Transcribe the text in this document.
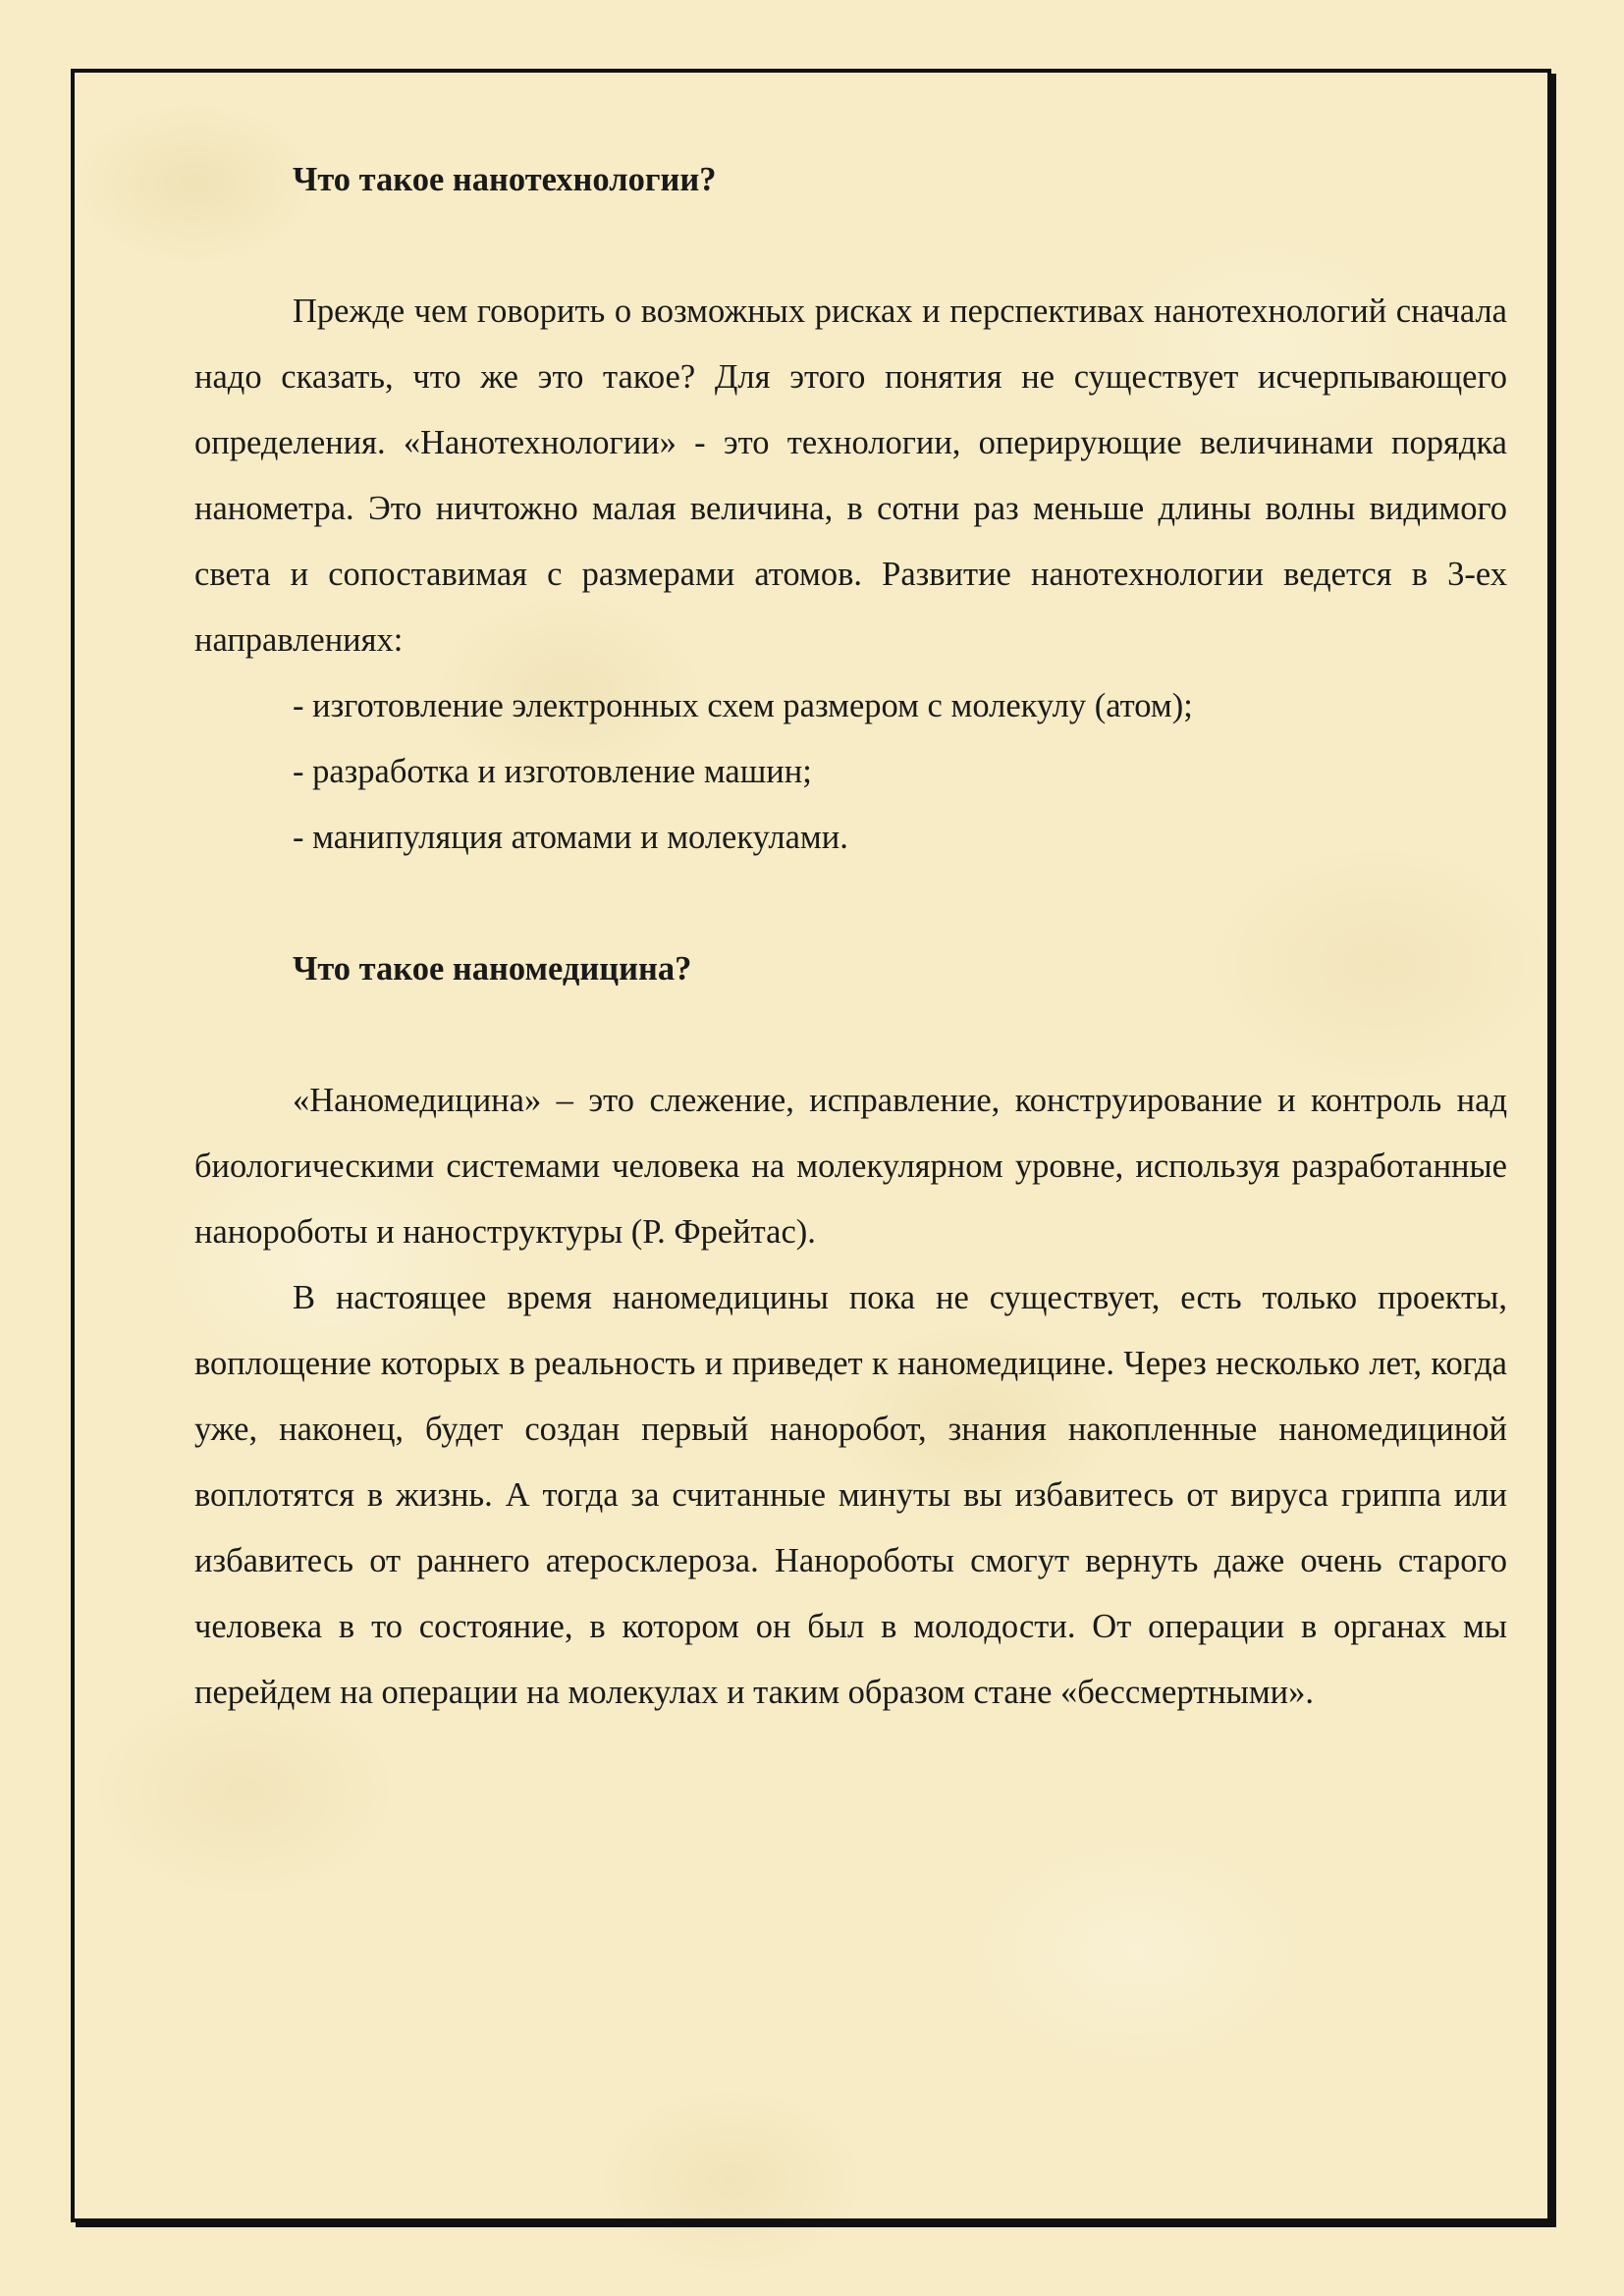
Что такое нанотехнологии?

Прежде чем говорить о возможных рисках и перспективах нанотехнологий сначала надо сказать, что же это такое? Для этого понятия не существует исчерпывающего определения. «Нанотехнологии» - это технологии, оперирующие величинами порядка нанометра. Это ничтожно малая величина, в сотни раз меньше длины волны видимого света и сопоставимая с размерами атомов. Развитие нанотехнологии ведется в 3-ех направлениях:

- изготовление электронных схем размером с молекулу (атом);

- разработка и изготовление машин;

- манипуляция атомами и молекулами.

Что такое наномедицина?

«Наномедицина» – это слежение, исправление, конструирование и контроль над биологическими системами человека на молекулярном уровне, используя разработанные нанороботы и наноструктуры (Р. Фрейтас).

В настоящее время наномедицины пока не существует, есть только проекты, воплощение которых в реальность и приведет к наномедицине. Через несколько лет, когда уже, наконец, будет создан первый наноробот, знания накопленные наномедициной воплотятся в жизнь. А тогда за считанные минуты вы избавитесь от вируса гриппа или избавитесь от раннего атеросклероза. Нанороботы смогут вернуть даже очень старого человека в то состояние, в котором он был в молодости. От операции в органах мы перейдем на операции на молекулах и таким образом стане «бессмертными».
